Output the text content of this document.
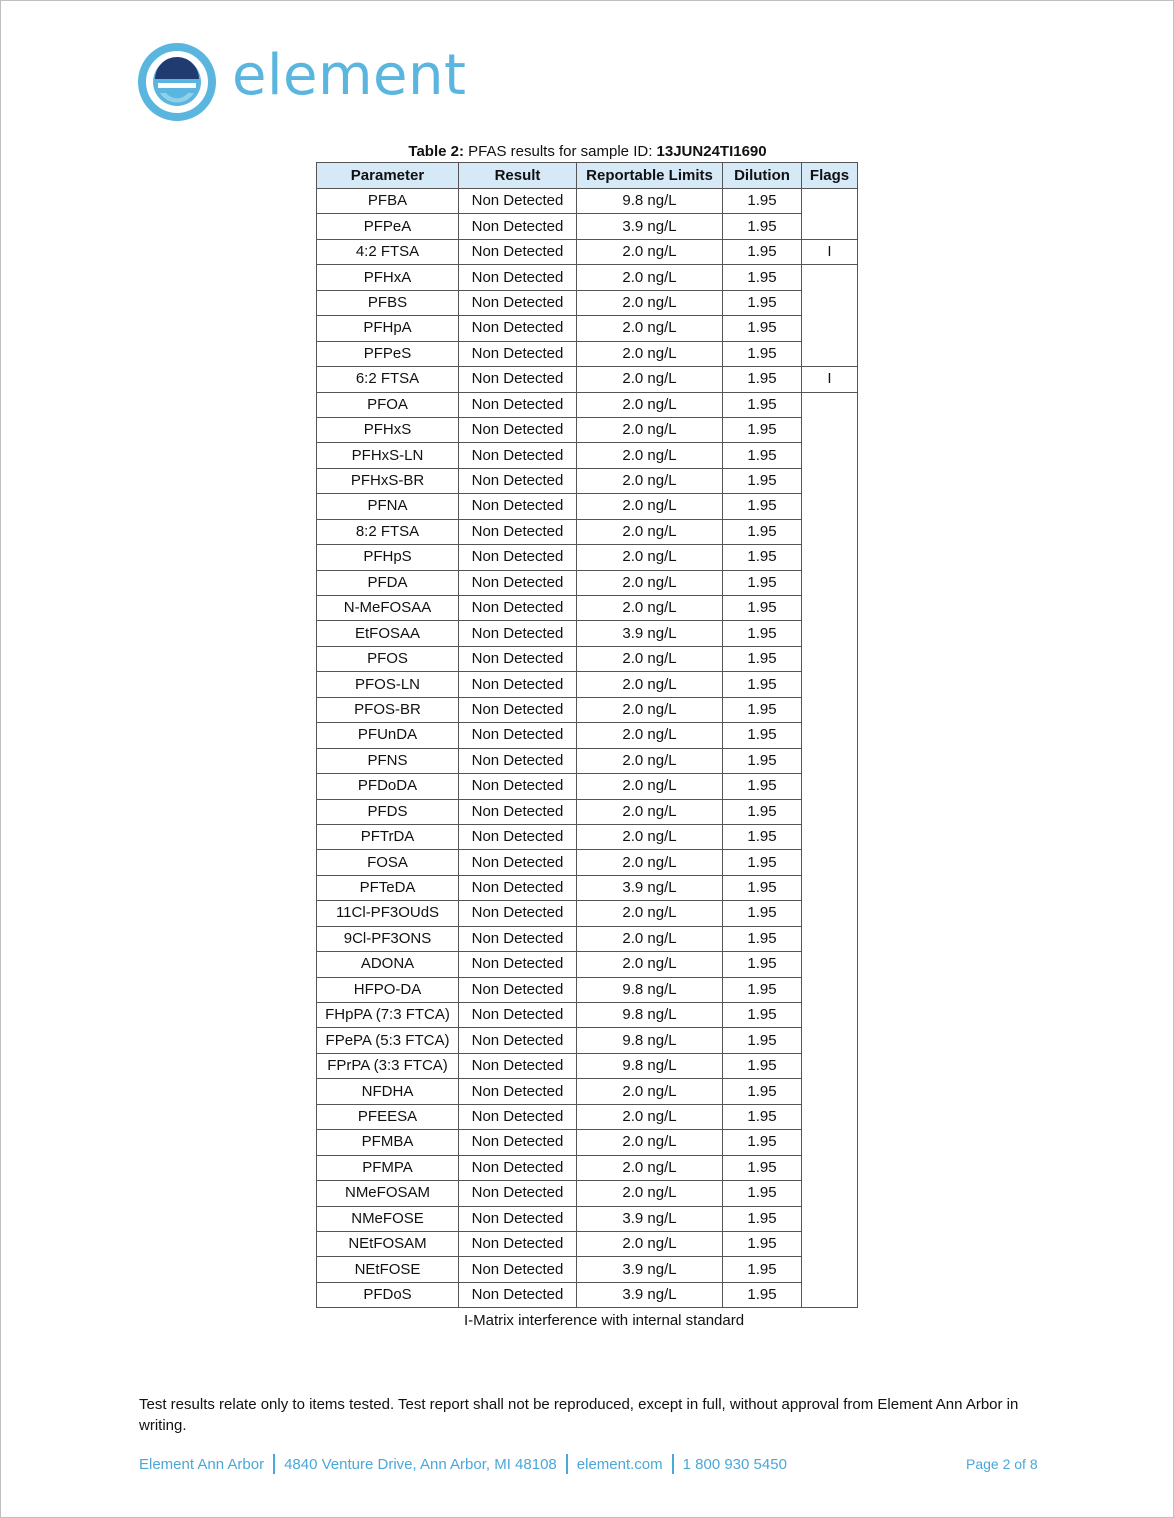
element
Table 2: PFAS results for sample ID: 13JUN24TI1690
Parameter	Result	Reportable Limits	Dilution	Flags
PFBA	Non Detected	9.8 ng/L	1.95	
PFPeA	Non Detected	3.9 ng/L	1.95	
4:2 FTSA	Non Detected	2.0 ng/L	1.95	I
PFHxA	Non Detected	2.0 ng/L	1.95	
PFBS	Non Detected	2.0 ng/L	1.95	
PFHpA	Non Detected	2.0 ng/L	1.95	
PFPeS	Non Detected	2.0 ng/L	1.95	
6:2 FTSA	Non Detected	2.0 ng/L	1.95	I
PFOA	Non Detected	2.0 ng/L	1.95	
PFHxS	Non Detected	2.0 ng/L	1.95	
PFHxS-LN	Non Detected	2.0 ng/L	1.95	
PFHxS-BR	Non Detected	2.0 ng/L	1.95	
PFNA	Non Detected	2.0 ng/L	1.95	
8:2 FTSA	Non Detected	2.0 ng/L	1.95	
PFHpS	Non Detected	2.0 ng/L	1.95	
PFDA	Non Detected	2.0 ng/L	1.95	
N-MeFOSAA	Non Detected	2.0 ng/L	1.95	
EtFOSAA	Non Detected	3.9 ng/L	1.95	
PFOS	Non Detected	2.0 ng/L	1.95	
PFOS-LN	Non Detected	2.0 ng/L	1.95	
PFOS-BR	Non Detected	2.0 ng/L	1.95	
PFUnDA	Non Detected	2.0 ng/L	1.95	
PFNS	Non Detected	2.0 ng/L	1.95	
PFDoDA	Non Detected	2.0 ng/L	1.95	
PFDS	Non Detected	2.0 ng/L	1.95	
PFTrDA	Non Detected	2.0 ng/L	1.95	
FOSA	Non Detected	2.0 ng/L	1.95	
PFTeDA	Non Detected	3.9 ng/L	1.95	
11Cl-PF3OUdS	Non Detected	2.0 ng/L	1.95	
9Cl-PF3ONS	Non Detected	2.0 ng/L	1.95	
ADONA	Non Detected	2.0 ng/L	1.95	
HFPO-DA	Non Detected	9.8 ng/L	1.95	
FHpPA (7:3 FTCA)	Non Detected	9.8 ng/L	1.95	
FPePA (5:3 FTCA)	Non Detected	9.8 ng/L	1.95	
FPrPA (3:3 FTCA)	Non Detected	9.8 ng/L	1.95	
NFDHA	Non Detected	2.0 ng/L	1.95	
PFEESA	Non Detected	2.0 ng/L	1.95	
PFMBA	Non Detected	2.0 ng/L	1.95	
PFMPA	Non Detected	2.0 ng/L	1.95	
NMeFOSAM	Non Detected	2.0 ng/L	1.95	
NMeFOSE	Non Detected	3.9 ng/L	1.95	
NEtFOSAM	Non Detected	2.0 ng/L	1.95	
NEtFOSE	Non Detected	3.9 ng/L	1.95	
PFDoS	Non Detected	3.9 ng/L	1.95	
I-Matrix interference with internal standard
Test results relate only to items tested. Test report shall not be reproduced, except in full, without approval from Element Ann Arbor in writing.
Element Ann Arbor 4840 Venture Drive, Ann Arbor, MI 48108 element.com 1 800 930 5450	Page 2 of 8
